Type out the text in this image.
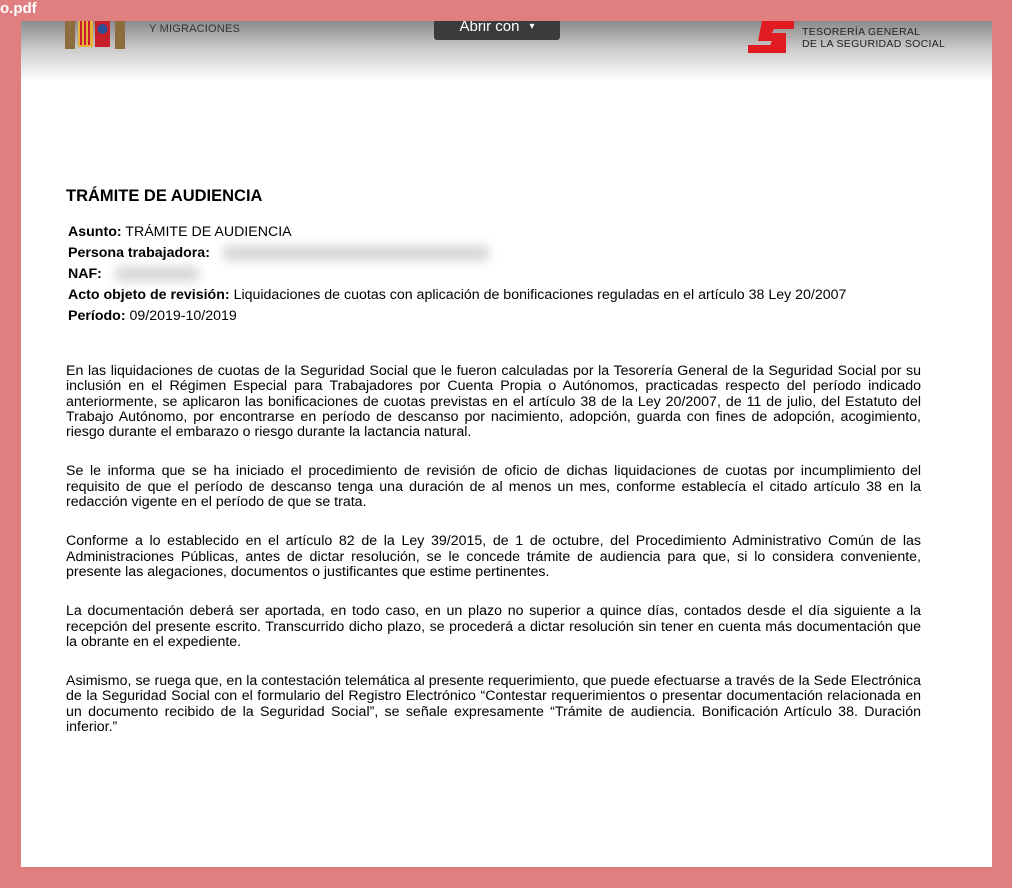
Y MIGRACIONES	Abrir con ▾	TESORERÍA GENERAL
DE LA SEGURIDAD SOCIAL
TRÁMITE DE AUDIENCIA
Asunto: TRÁMITE DE AUDIENCIA
Persona trabajadora:
NAF:
Acto objeto de revisión: Liquidaciones de cuotas con aplicación de bonificaciones reguladas en el artículo 38 Ley 20/2007
Período: 09/2019-10/2019

En las liquidaciones de cuotas de la Seguridad Social que le fueron calculadas por la Tesorería General de la Seguridad Social por su inclusión en el Régimen Especial para Trabajadores por Cuenta Propia o Autónomos, practicadas respecto del período indicado anteriormente, se aplicaron las bonificaciones de cuotas previstas en el artículo 38 de la Ley 20/2007, de 11 de julio, del Estatuto del Trabajo Autónomo, por encontrarse en período de descanso por nacimiento, adopción, guarda con fines de adopción, acogimiento, riesgo durante el embarazo o riesgo durante la lactancia natural.

Se le informa que se ha iniciado el procedimiento de revisión de oficio de dichas liquidaciones de cuotas por incumplimiento del requisito de que el período de descanso tenga una duración de al menos un mes, conforme establecía el citado artículo 38 en la redacción vigente en el período de que se trata.

Conforme a lo establecido en el artículo 82 de la Ley 39/2015, de 1 de octubre, del Procedimiento Administrativo Común de las Administraciones Públicas, antes de dictar resolución, se le concede trámite de audiencia para que, si lo considera conveniente, presente las alegaciones, documentos o justificantes que estime pertinentes.

La documentación deberá ser aportada, en todo caso, en un plazo no superior a quince días, contados desde el día siguiente a la recepción del presente escrito. Transcurrido dicho plazo, se procederá a dictar resolución sin tener en cuenta más documentación que la obrante en el expediente.

Asimismo, se ruega que, en la contestación telemática al presente requerimiento, que puede efectuarse a través de la Sede Electrónica de la Seguridad Social con el formulario del Registro Electrónico “Contestar requerimientos o presentar documentación relacionada en un documento recibido de la Seguridad Social”, se señale expresamente “Trámite de audiencia. Bonificación Artículo 38. Duración inferior.”

o.pdf
